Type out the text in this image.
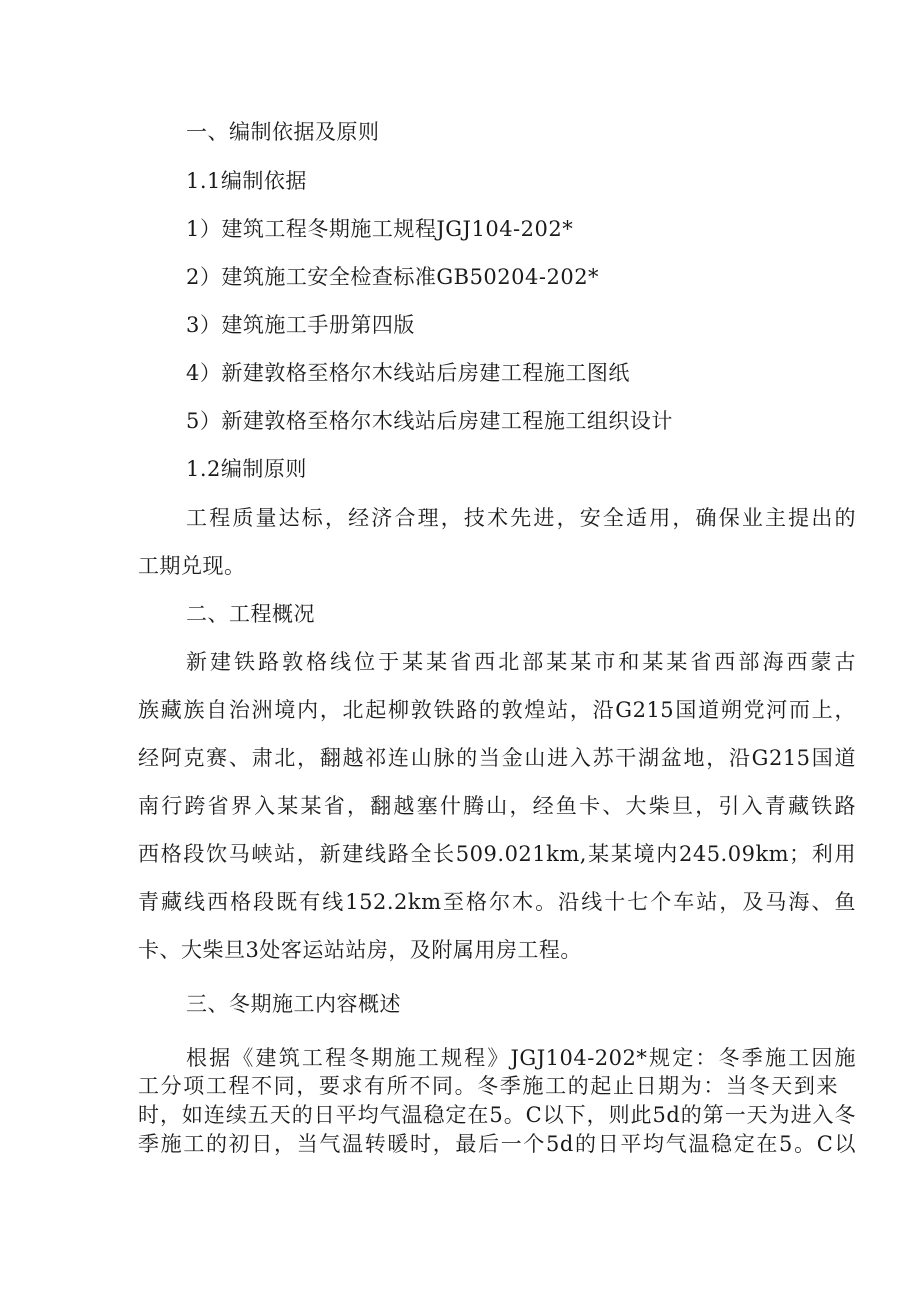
一、编制依据及原则
1.1编制依据
1）建筑工程冬期施工规程JGJ104-202*
2）建筑施工安全检查标准GB50204-202*
3）建筑施工手册第四版
4）新建敦格至格尔木线站后房建工程施工图纸
5）新建敦格至格尔木线站后房建工程施工组织设计
1.2编制原则
工程质量达标，经济合理，技术先进，安全适用，确保业主提出的
工期兑现。
二、工程概况
新建铁路敦格线位于某某省西北部某某市和某某省西部海西蒙古
族藏族自治洲境内，北起柳敦铁路的敦煌站，沿G215国道朔党河而上，
经阿克赛、肃北，翻越祁连山脉的当金山进入苏干湖盆地，沿G215国道
南行跨省界入某某省，翻越塞什腾山，经鱼卡、大柴旦，引入青藏铁路
西格段饮马峡站，新建线路全长509.021km,某某境内245.09km；利用
青藏线西格段既有线152.2km至格尔木。沿线十七个车站，及马海、鱼
卡、大柴旦3处客运站站房，及附属用房工程。
三、冬期施工内容概述
根据《建筑工程冬期施工规程》JGJ104-202*规定：冬季施工因施
工分项工程不同，要求有所不同。冬季施工的起止日期为：当冬天到来
时，如连续五天的日平均气温稳定在5。C以下，则此5d的第一天为进入冬
季施工的初日，当气温转暖时，最后一个5d的日平均气温稳定在5。C以
